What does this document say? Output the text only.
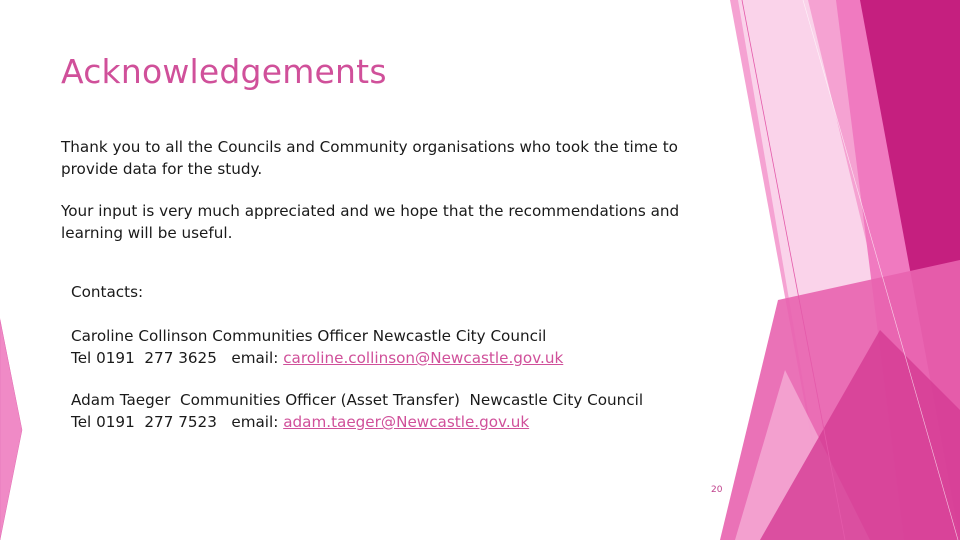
Acknowledgements

Thank you to all the Councils and Community organisations who took the time to

provide data for the study.

Your input is very much appreciated and we hope that the recommendations and

learning will be useful.

Contacts:

Caroline Collinson Communities Officer Newcastle City Council

Tel 0191  277 3625   email: caroline.collinson@Newcastle.gov.uk

Adam Taeger  Communities Officer (Asset Transfer)  Newcastle City Council

Tel 0191  277 7523   email: adam.taeger@Newcastle.gov.uk

20
